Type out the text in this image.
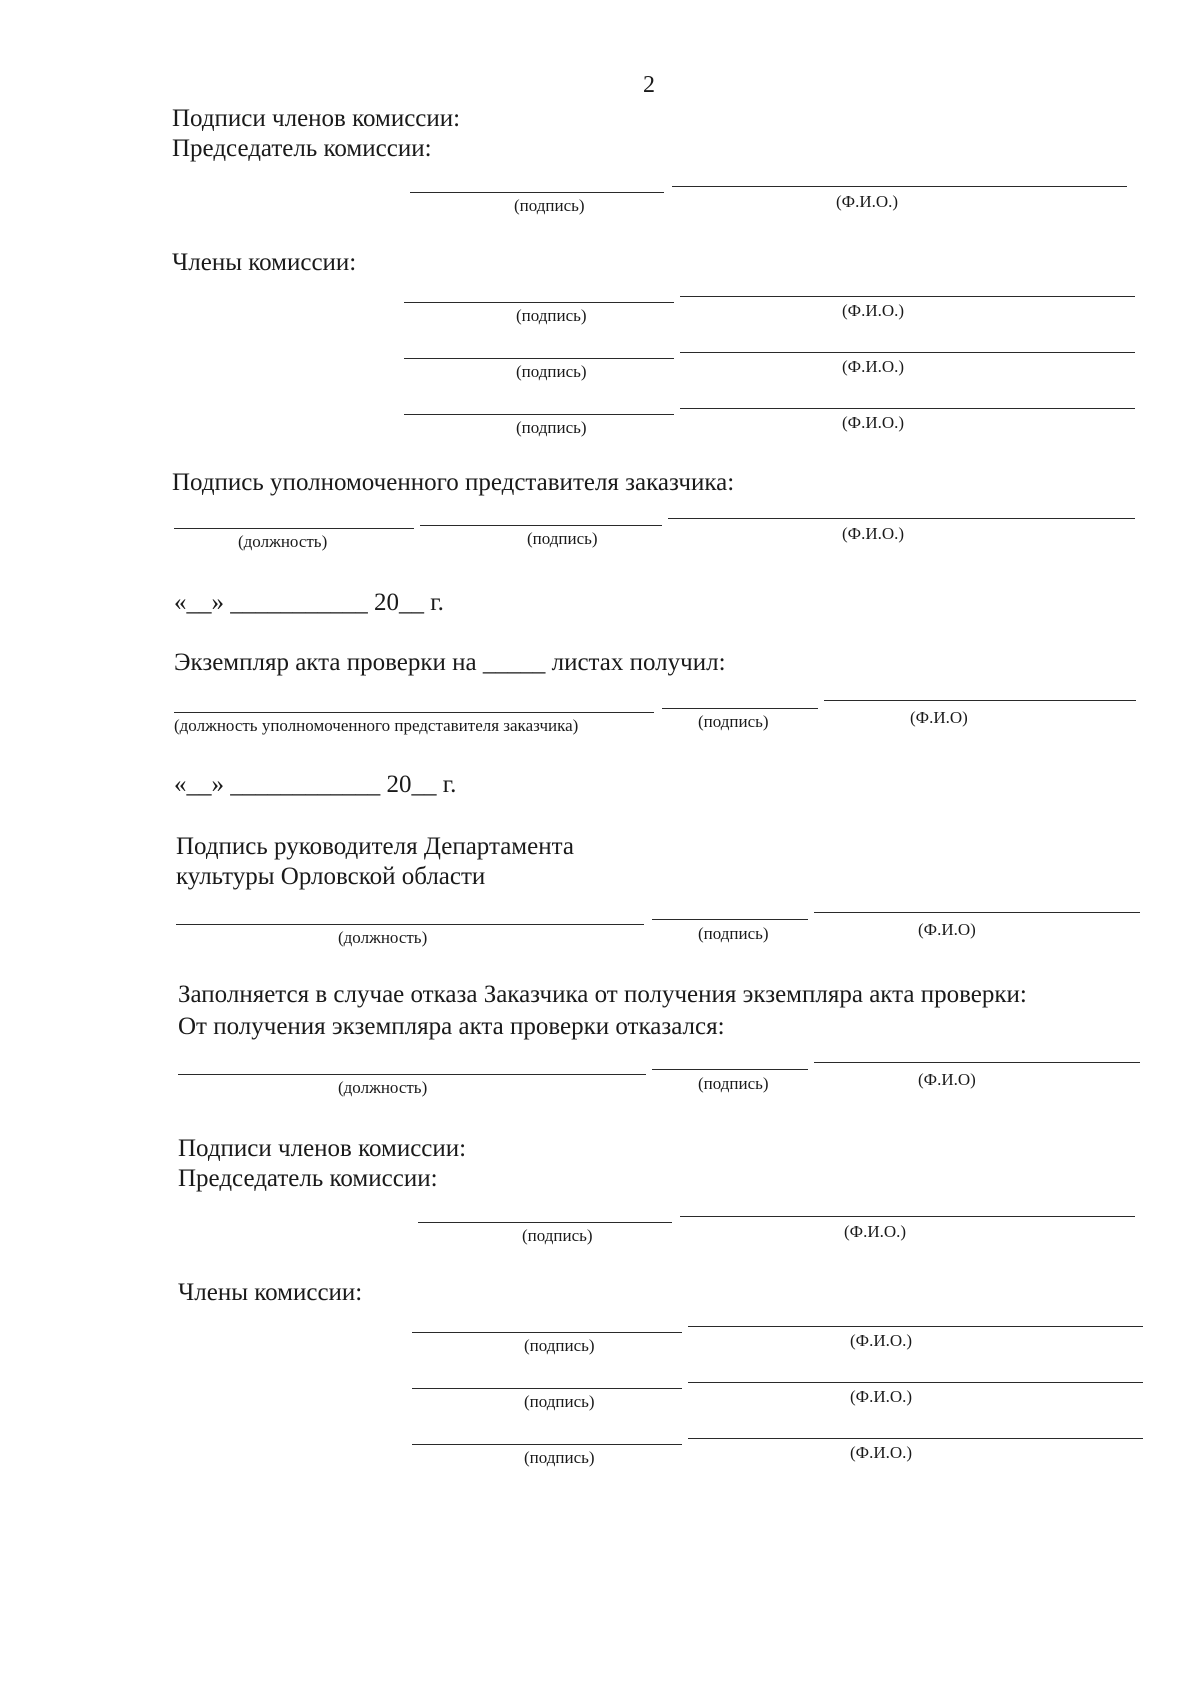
2
Подписи членов комиссии:
Председатель комиссии:
(подпись)	(Ф.И.О.)
Члены комиссии:
(подпись)	(Ф.И.О.)
(подпись)	(Ф.И.О.)
(подпись)	(Ф.И.О.)
Подпись уполномоченного представителя заказчика:
(должность)	(подпись)	(Ф.И.О.)
«__» ___________ 20__ г.
Экземпляр акта проверки на _____ листах получил:
(должность уполномоченного представителя заказчика)	(подпись)	(Ф.И.О)
«__» ____________ 20__ г.
Подпись руководителя Департамента
культуры Орловской области
(должность)	(подпись)	(Ф.И.О)
Заполняется в случае отказа Заказчика от получения экземпляра акта проверки:
От получения экземпляра акта проверки отказался:
(должность)	(подпись)	(Ф.И.О)
Подписи членов комиссии:
Председатель комиссии:
(подпись)	(Ф.И.О.)
Члены комиссии:
(подпись)	(Ф.И.О.)
(подпись)	(Ф.И.О.)
(подпись)	(Ф.И.О.)
